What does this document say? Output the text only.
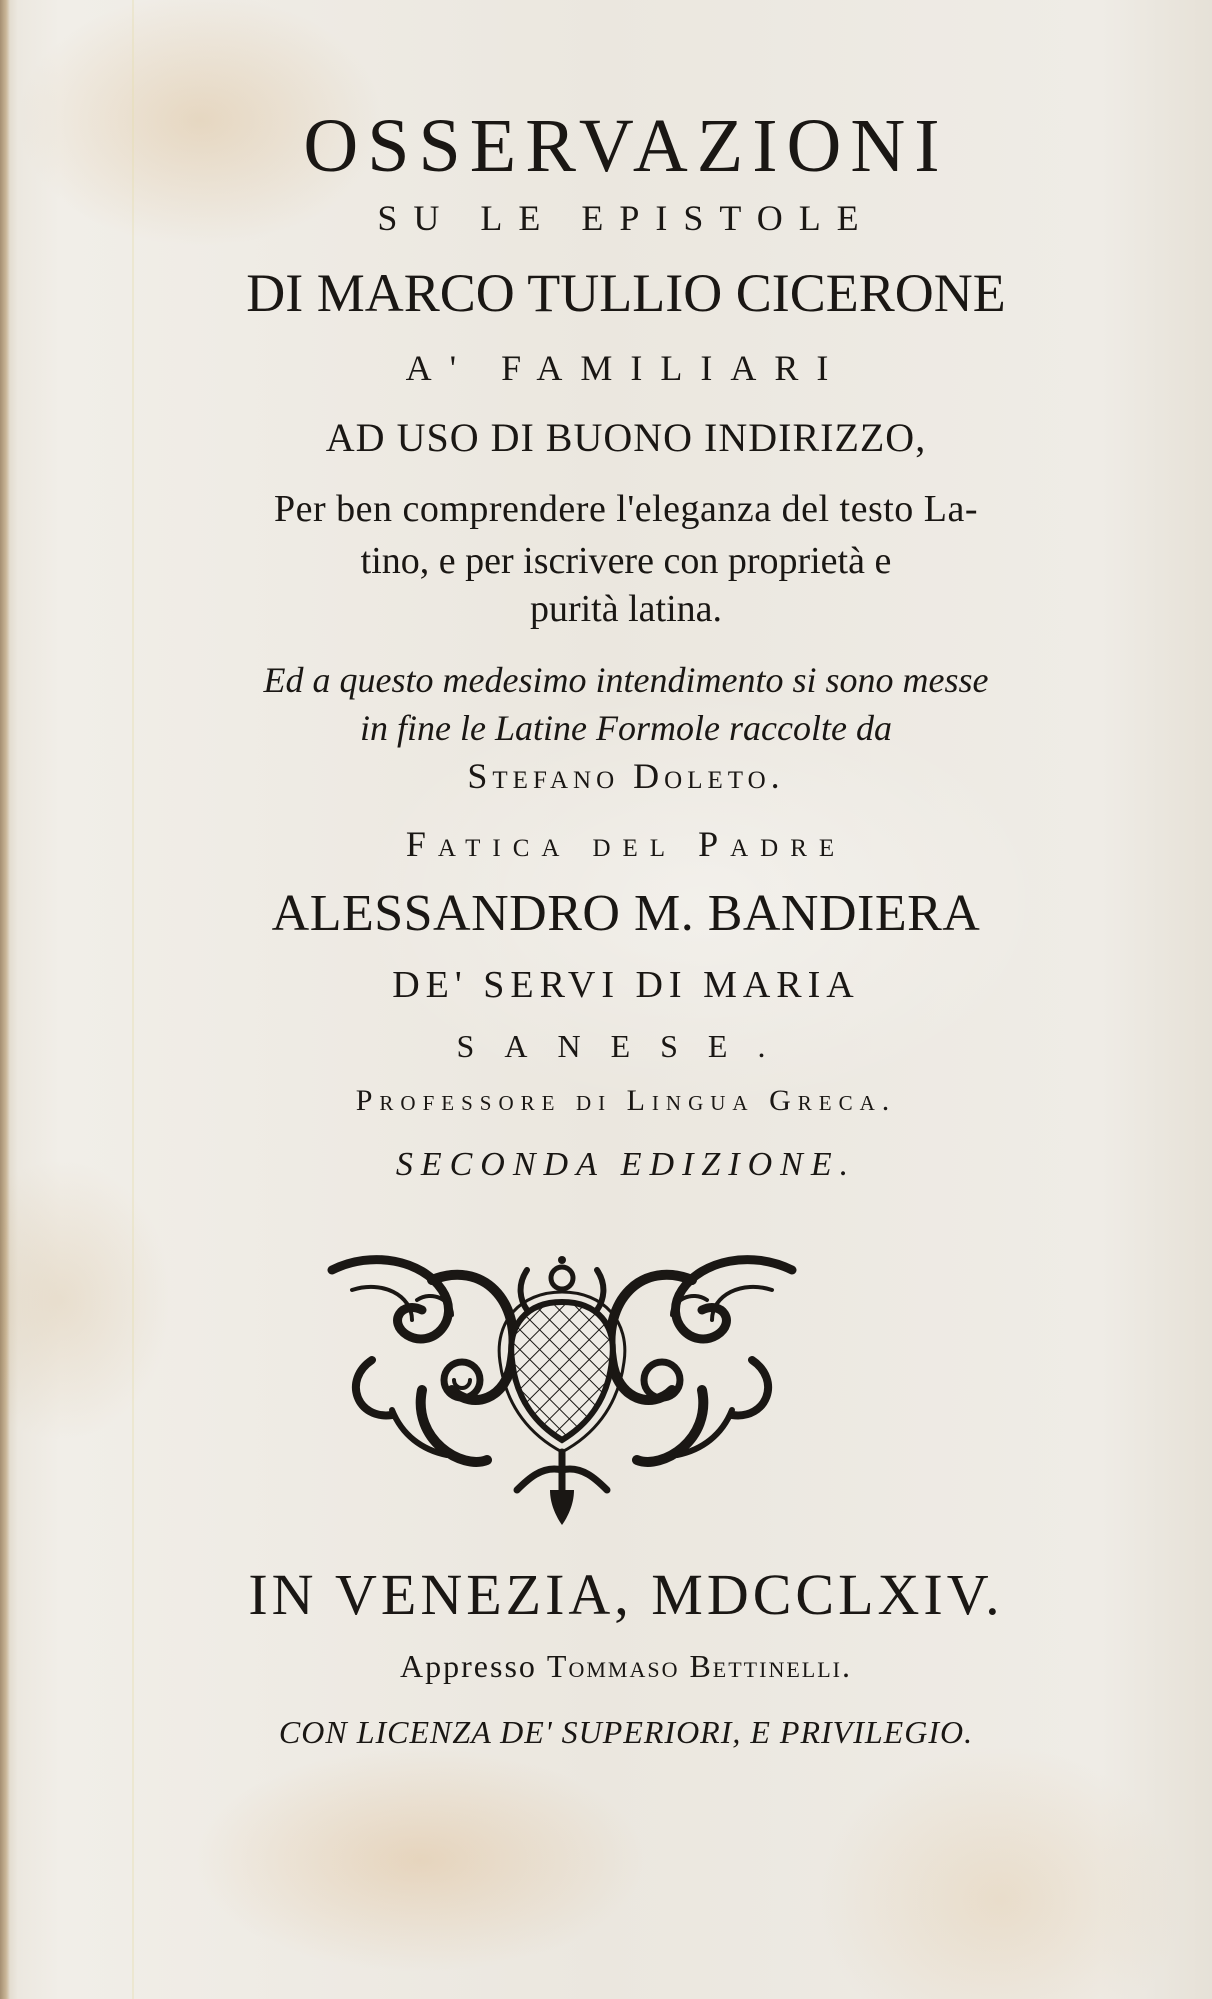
OSSERVAZIONI
SU LE EPISTOLE
DI MARCO TULLIO CICERONE
A' FAMILIARI
AD USO DI BUONO INDIRIZZO,
Per ben comprendere l'eleganza del testo La-
tino, e per iscrivere con proprietà e
purità latina.
Ed a questo medesimo intendimento si sono messe
in fine le Latine Formole raccolte da
Stefano Doleto.
Fatica del Padre
ALESSANDRO M. BANDIERA
DE' SERVI DI MARIA
SANESE.
Professore di Lingua Greca.
SECONDA EDIZIONE.
IN VENEZIA, MDCCLXIV.
Appresso Tommaso Bettinelli.
CON LICENZA DE' SUPERIORI, E PRIVILEGIO.
